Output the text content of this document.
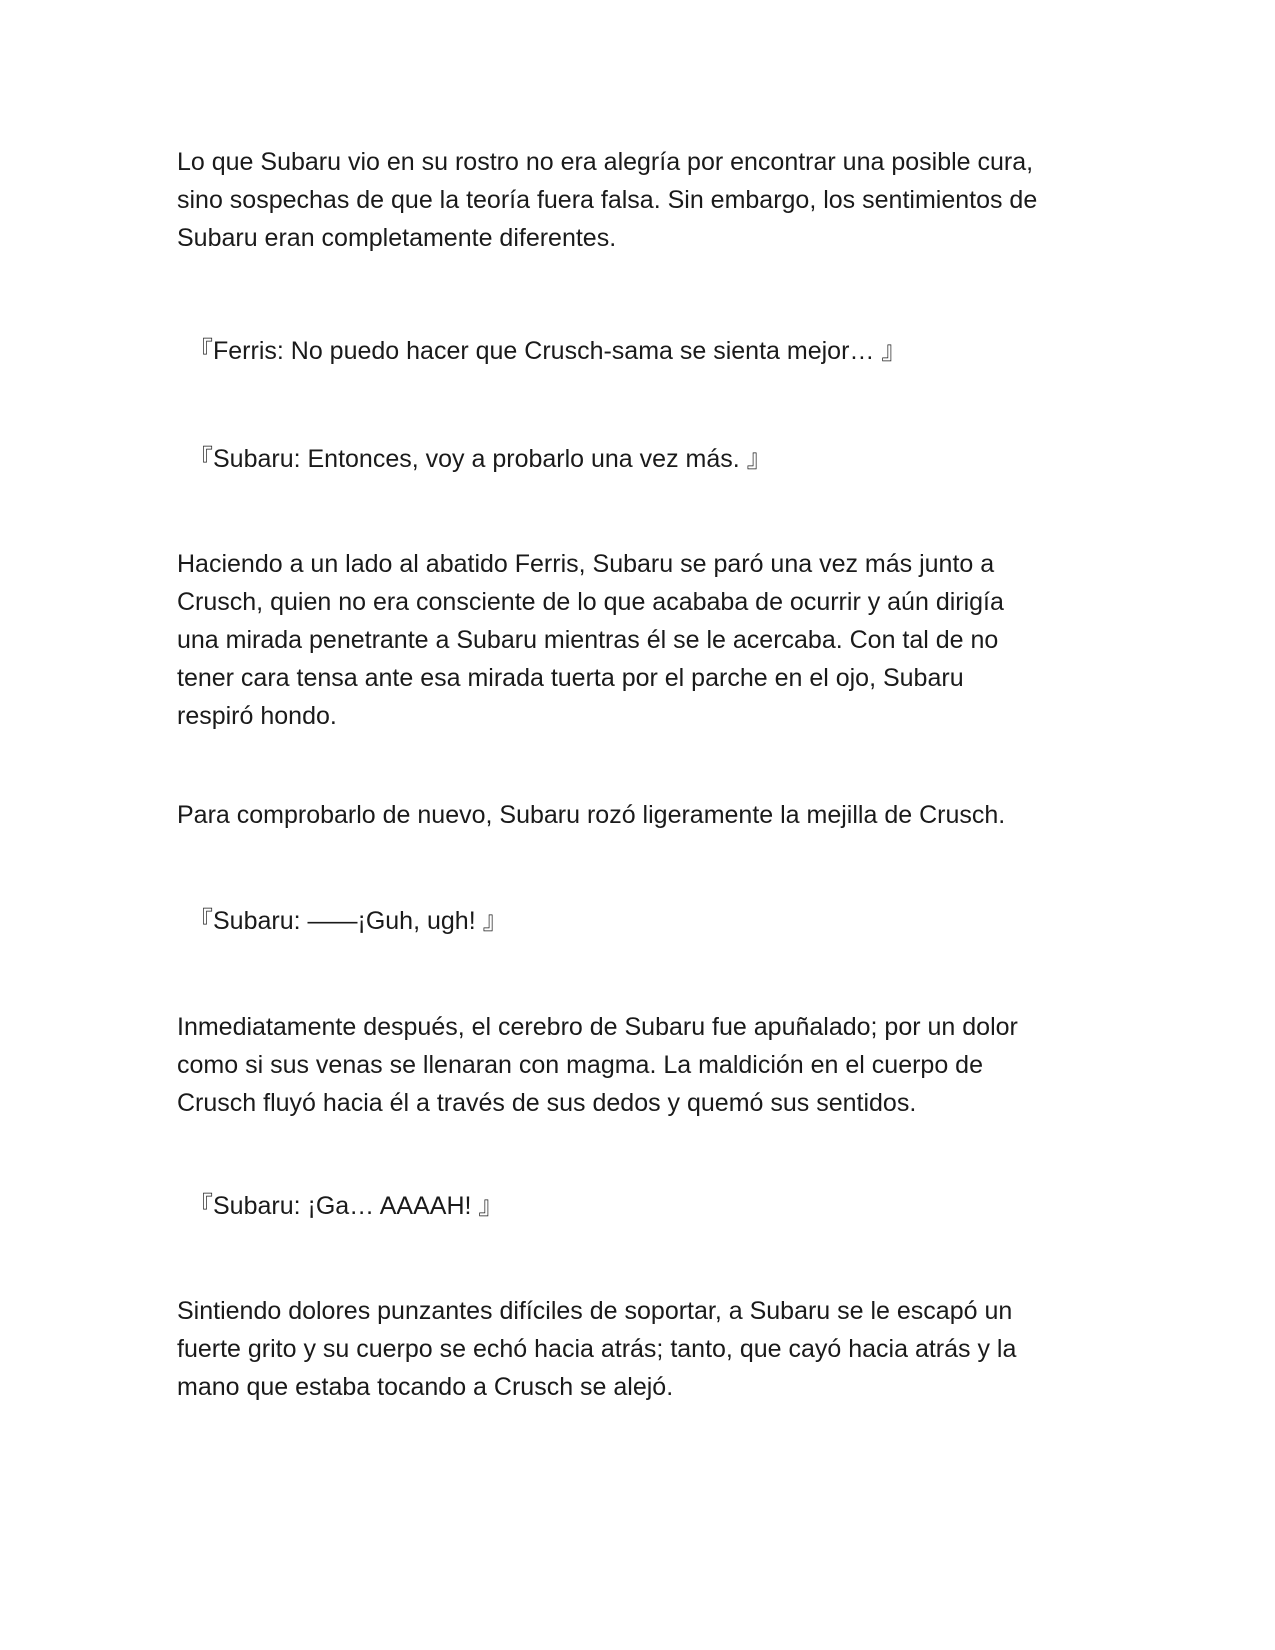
Lo que Subaru vio en su rostro no era alegría por encontrar una posible cura,
sino sospechas de que la teoría fuera falsa. Sin embargo, los sentimientos de
Subaru eran completamente diferentes.

『Ferris: No puedo hacer que Crusch-sama se sienta mejor… 』

『Subaru: Entonces, voy a probarlo una vez más. 』

Haciendo a un lado al abatido Ferris, Subaru se paró una vez más junto a
Crusch, quien no era consciente de lo que acababa de ocurrir y aún dirigía
una mirada penetrante a Subaru mientras él se le acercaba. Con tal de no
tener cara tensa ante esa mirada tuerta por el parche en el ojo, Subaru
respiró hondo.

Para comprobarlo de nuevo, Subaru rozó ligeramente la mejilla de Crusch.

『Subaru: ——¡Guh, ugh! 』

Inmediatamente después, el cerebro de Subaru fue apuñalado; por un dolor
como si sus venas se llenaran con magma. La maldición en el cuerpo de
Crusch fluyó hacia él a través de sus dedos y quemó sus sentidos.

『Subaru: ¡Ga… AAAAH! 』

Sintiendo dolores punzantes difíciles de soportar, a Subaru se le escapó un
fuerte grito y su cuerpo se echó hacia atrás; tanto, que cayó hacia atrás y la
mano que estaba tocando a Crusch se alejó.
